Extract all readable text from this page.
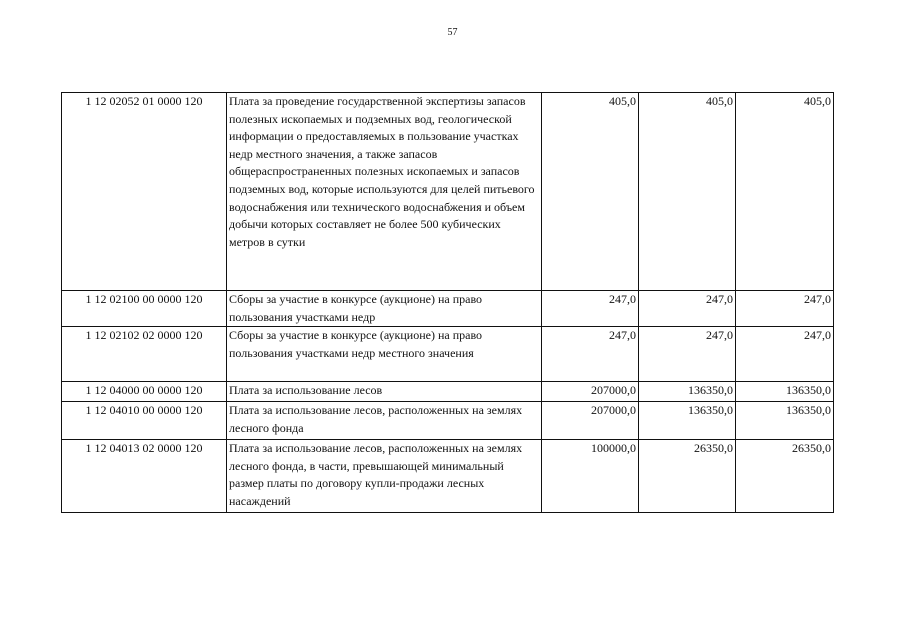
57
1 12 02052 01 0000 120	Плата за проведение государственной экспертизы запасов полезных ископаемых и подземных вод, геологической информации о предоставляемых в пользование участках недр местного значения, а также запасов общераспространенных полезных ископаемых и запасов подземных вод, которые используются для целей питьевого водоснабжения или технического водоснабжения и объем добычи которых составляет не более 500 кубических метров в сутки	405,0	405,0	405,0
1 12 02100 00 0000 120	Сборы за участие в конкурсе (аукционе) на право пользования участками недр	247,0	247,0	247,0
1 12 02102 02 0000 120	Сборы за участие в конкурсе (аукционе) на право пользования участками недр местного значения	247,0	247,0	247,0
1 12 04000 00 0000 120	Плата за использование лесов	207000,0	136350,0	136350,0
1 12 04010 00 0000 120	Плата за использование лесов, расположенных на землях лесного фонда	207000,0	136350,0	136350,0
1 12 04013 02 0000 120	Плата за использование лесов, расположенных на землях лесного фонда, в части, превышающей минимальный размер платы по договору купли-продажи лесных насаждений	100000,0	26350,0	26350,0
